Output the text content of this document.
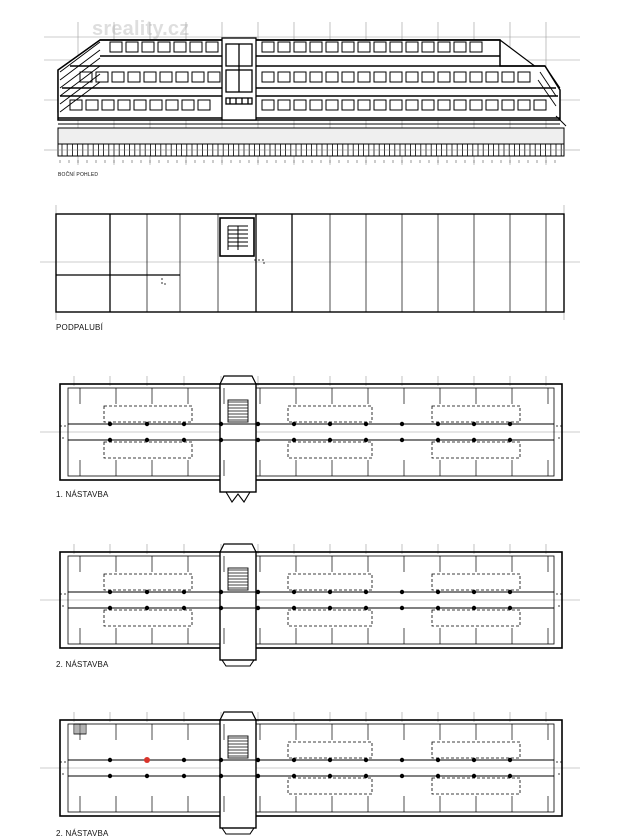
sreality.cz
BOČNÍ POHLED
PODPALUBÍ
1. NÁSTAVBA
2. NÁSTAVBA
2. NÁSTAVBA
